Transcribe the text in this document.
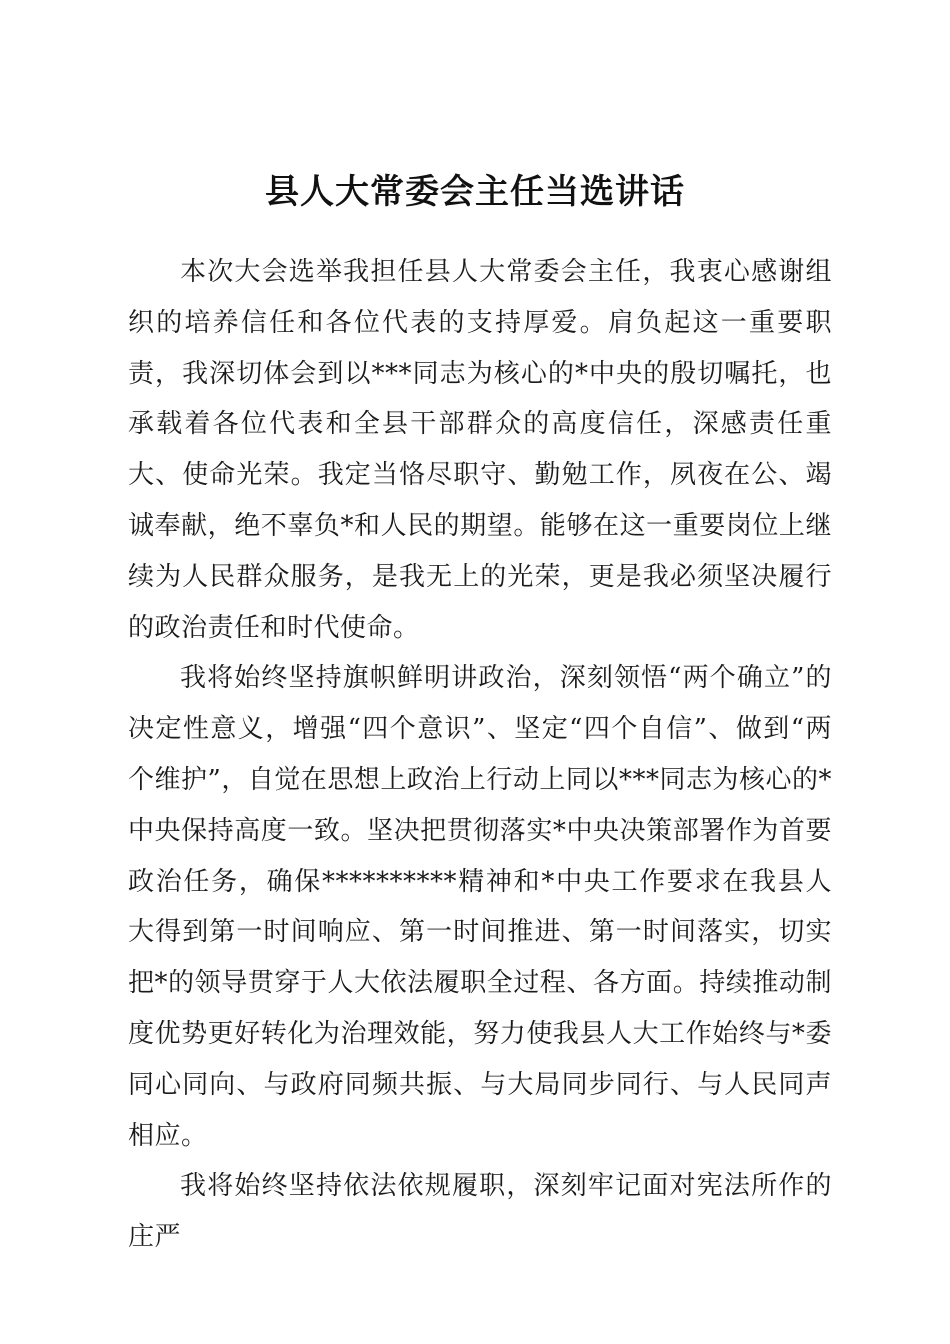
县人大常委会主任当选讲话

本次大会选举我担任县人大常委会主任，我衷心感谢组织的培养信任和各位代表的支持厚爱。肩负起这一重要职责，我深切体会到以***同志为核心的*中央的殷切嘱托，也承载着各位代表和全县干部群众的高度信任，深感责任重大、使命光荣。我定当恪尽职守、勤勉工作，夙夜在公、竭诚奉献，绝不辜负*和人民的期望。能够在这一重要岗位上继续为人民群众服务，是我无上的光荣，更是我必须坚决履行的政治责任和时代使命。

我将始终坚持旗帜鲜明讲政治，深刻领悟“两个确立”的决定性意义，增强“四个意识”、坚定“四个自信”、做到“两个维护”，自觉在思想上政治上行动上同以***同志为核心的*中央保持高度一致。坚决把贯彻落实*中央决策部署作为首要政治任务，确保**********精神和*中央工作要求在我县人大得到第一时间响应、第一时间推进、第一时间落实，切实把*的领导贯穿于人大依法履职全过程、各方面。持续推动制度优势更好转化为治理效能，努力使我县人大工作始终与*委同心同向、与政府同频共振、与大局同步同行、与人民同声相应。

我将始终坚持依法依规履职，深刻牢记面对宪法所作的庄严
